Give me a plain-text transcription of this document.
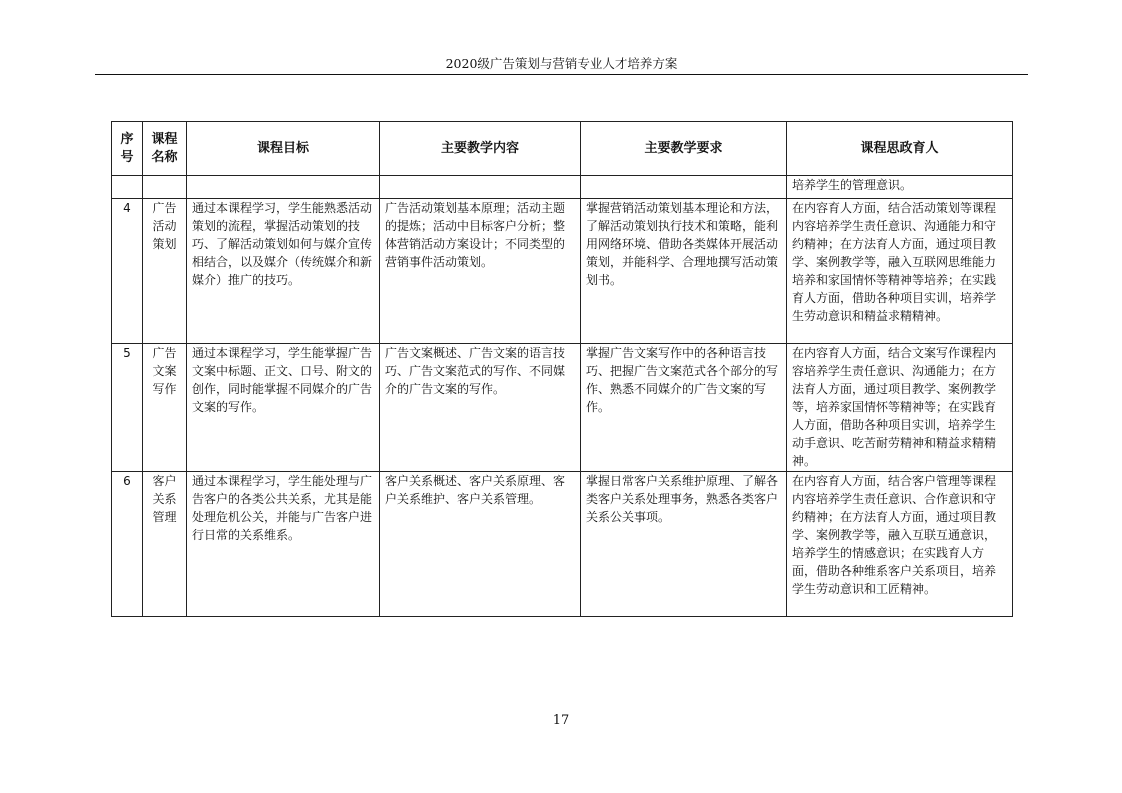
2020级广告策划与营销专业人才培养方案
序号	课程名称	课程目标	主要教学内容	主要教学要求	课程思政育人
					培养学生的管理意识。
4	广告活动策划	通过本课程学习，学生能熟悉活动策划的流程，掌握活动策划的技巧、了解活动策划如何与媒介宣传相结合，以及媒介（传统媒介和新媒介）推广的技巧。	广告活动策划基本原理；活动主题的提炼；活动中目标客户分析；整体营销活动方案设计；不同类型的营销事件活动策划。	掌握营销活动策划基本理论和方法，了解活动策划执行技术和策略，能利用网络环境、借助各类媒体开展活动策划，并能科学、合理地撰写活动策划书。	在内容育人方面，结合活动策划等课程内容培养学生责任意识、沟通能力和守约精神；在方法育人方面，通过项目教学、案例教学等，融入互联网思维能力培养和家国情怀等精神等培养；在实践育人方面，借助各种项目实训，培养学生劳动意识和精益求精精神。
5	广告文案写作	通过本课程学习，学生能掌握广告文案中标题、正文、口号、附文的创作，同时能掌握不同媒介的广告文案的写作。	广告文案概述、广告文案的语言技巧、广告文案范式的写作、不同媒介的广告文案的写作。	掌握广告文案写作中的各种语言技巧、把握广告文案范式各个部分的写作、熟悉不同媒介的广告文案的写作。	在内容育人方面，结合文案写作课程内容培养学生责任意识、沟通能力；在方法育人方面，通过项目教学、案例教学等，培养家国情怀等精神等；在实践育人方面，借助各种项目实训，培养学生动手意识、吃苦耐劳精神和精益求精精神。
6	客户关系管理	通过本课程学习，学生能处理与广告客户的各类公共关系，尤其是能处理危机公关，并能与广告客户进行日常的关系维系。	客户关系概述、客户关系原理、客户关系维护、客户关系管理。	掌握日常客户关系维护原理、了解各类客户关系处理事务，熟悉各类客户关系公关事项。	在内容育人方面，结合客户管理等课程内容培养学生责任意识、合作意识和守约精神；在方法育人方面，通过项目教学、案例教学等，融入互联互通意识，培养学生的情感意识；在实践育人方面，借助各种维系客户关系项目，培养学生劳动意识和工匠精神。
17
